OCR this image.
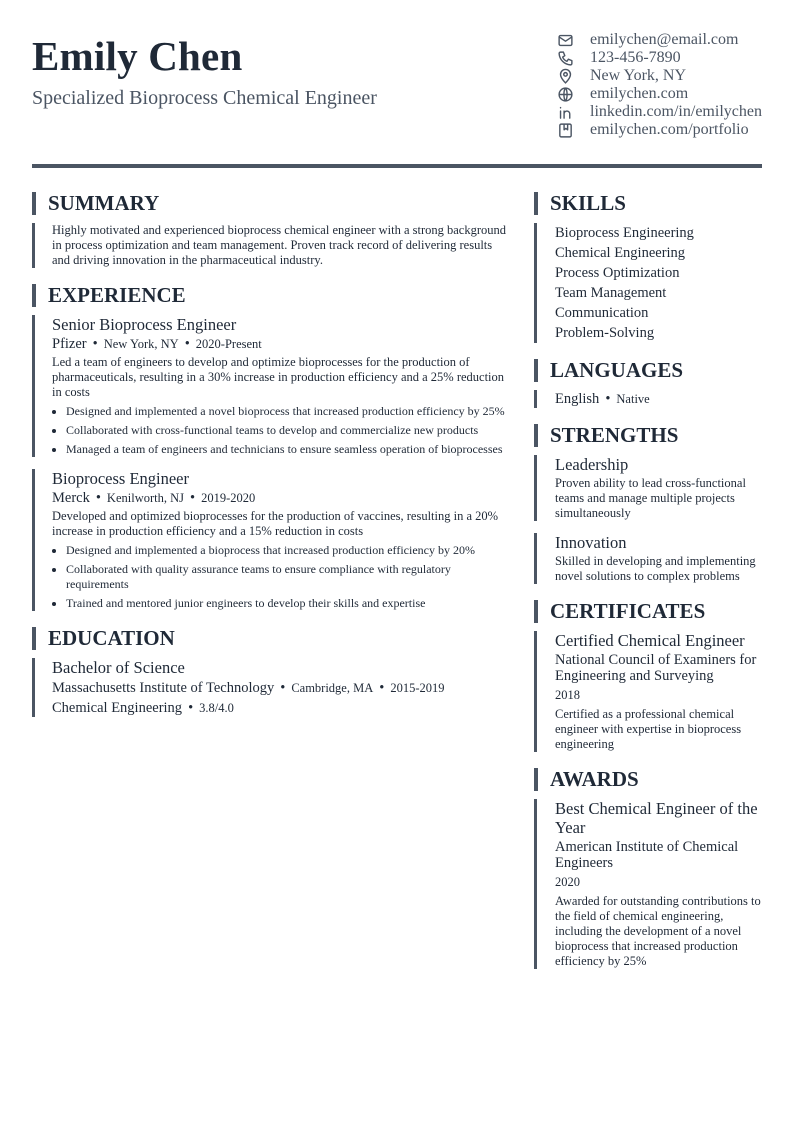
Emily Chen
Specialized Bioprocess Chemical Engineer
emilychen@email.com
123-456-7890
New York, NY
emilychen.com
linkedin.com/in/emilychen
emilychen.com/portfolio
SUMMARY
Highly motivated and experienced bioprocess chemical engineer with a strong background in process optimization and team management. Proven track record of delivering results and driving innovation in the pharmaceutical industry.
EXPERIENCE
Senior Bioprocess Engineer
Pfizer • New York, NY • 2020-Present
Led a team of engineers to develop and optimize bioprocesses for the production of pharmaceuticals, resulting in a 30% increase in production efficiency and a 25% reduction in costs
• Designed and implemented a novel bioprocess that increased production efficiency by 25%
• Collaborated with cross-functional teams to develop and commercialize new products
• Managed a team of engineers and technicians to ensure seamless operation of bioprocesses
Bioprocess Engineer
Merck • Kenilworth, NJ • 2019-2020
Developed and optimized bioprocesses for the production of vaccines, resulting in a 20% increase in production efficiency and a 15% reduction in costs
• Designed and implemented a bioprocess that increased production efficiency by 20%
• Collaborated with quality assurance teams to ensure compliance with regulatory requirements
• Trained and mentored junior engineers to develop their skills and expertise
EDUCATION
Bachelor of Science
Massachusetts Institute of Technology • Cambridge, MA • 2015-2019
Chemical Engineering • 3.8/4.0
SKILLS
Bioprocess Engineering
Chemical Engineering
Process Optimization
Team Management
Communication
Problem-Solving
LANGUAGES
English • Native
STRENGTHS
Leadership
Proven ability to lead cross-functional teams and manage multiple projects simultaneously
Innovation
Skilled in developing and implementing novel solutions to complex problems
CERTIFICATES
Certified Chemical Engineer
National Council of Examiners for Engineering and Surveying
2018
Certified as a professional chemical engineer with expertise in bioprocess engineering
AWARDS
Best Chemical Engineer of the Year
American Institute of Chemical Engineers
2020
Awarded for outstanding contributions to the field of chemical engineering, including the development of a novel bioprocess that increased production efficiency by 25%
